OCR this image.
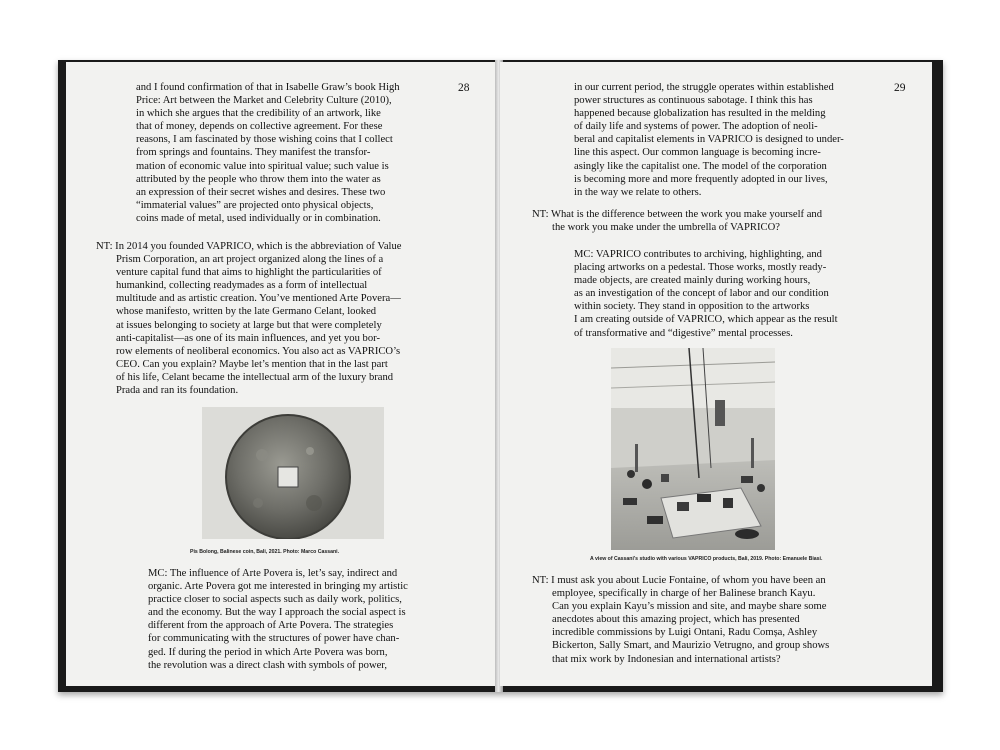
28
and I found confirmation of that in Isabelle Graw’s book High
Price: Art between the Market and Celebrity Culture (2010),
in which she argues that the credibility of an artwork, like
that of money, depends on collective agreement. For these
reasons, I am fascinated by those wishing coins that I collect
from springs and fountains. They manifest the transfor-
mation of economic value into spiritual value; such value is
attributed by the people who throw them into the water as
an expression of their secret wishes and desires. These two
“immaterial values” are projected onto physical objects,
coins made of metal, used individually or in combination.
NT: In 2014 you founded VAPRICO, which is the abbreviation of Value
Prism Corporation, an art project organized along the lines of a
venture capital fund that aims to highlight the particularities of
humankind, collecting readymades as a form of intellectual
multitude and as artistic creation. You’ve mentioned Arte Povera—
whose manifesto, written by the late Germano Celant, looked
at issues belonging to society at large but that were completely
anti-capitalist—as one of its main influences, and yet you bor-
row elements of neoliberal economics. You also act as VAPRICO’s
CEO. Can you explain? Maybe let’s mention that in the last part
of his life, Celant became the intellectual arm of the luxury brand
Prada and ran its foundation.
Pis Bolong, Balinese coin, Bali, 2021. Photo: Marco Cassani.
MC: The influence of Arte Povera is, let’s say, indirect and
organic. Arte Povera got me interested in bringing my artistic
practice closer to social aspects such as daily work, politics,
and the economy. But the way I approach the social aspect is
different from the approach of Arte Povera. The strategies
for communicating with the structures of power have chan-
ged. If during the period in which Arte Povera was born,
the revolution was a direct clash with symbols of power,
29
in our current period, the struggle operates within established
power structures as continuous sabotage. I think this has
happened because globalization has resulted in the melding
of daily life and systems of power. The adoption of neoli-
beral and capitalist elements in VAPRICO is designed to under-
line this aspect. Our common language is becoming incre-
asingly like the capitalist one. The model of the corporation
is becoming more and more frequently adopted in our lives,
in the way we relate to others.
NT: What is the difference between the work you make yourself and
the work you make under the umbrella of VAPRICO?
MC: VAPRICO contributes to archiving, highlighting, and
placing artworks on a pedestal. Those works, mostly ready-
made objects, are created mainly during working hours,
as an investigation of the concept of labor and our condition
within society. They stand in opposition to the artworks
I am creating outside of VAPRICO, which appear as the result
of transformative and “digestive” mental processes.
A view of Cassani’s studio with various VAPRICO products, Bali, 2019. Photo: Emanuele Biasi.
NT: I must ask you about Lucie Fontaine, of whom you have been an
employee, specifically in charge of her Balinese branch Kayu.
Can you explain Kayu’s mission and site, and maybe share some
anecdotes about this amazing project, which has presented
incredible commissions by Luigi Ontani, Radu Comșa, Ashley
Bickerton, Sally Smart, and Maurizio Vetrugno, and group shows
that mix work by Indonesian and international artists?
